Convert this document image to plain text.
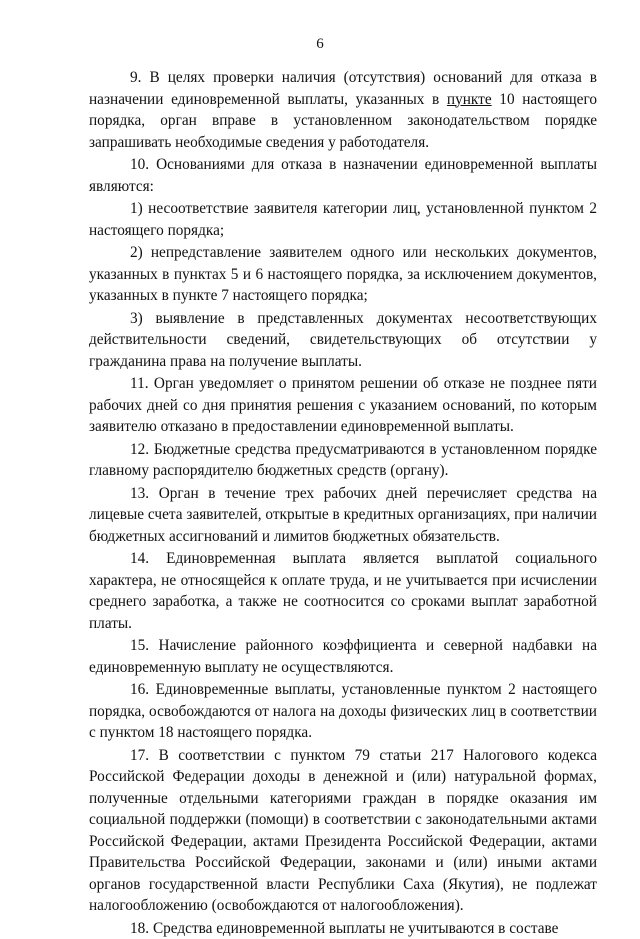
6

9. В целях проверки наличия (отсутствия) оснований для отказа в назначении единовременной выплаты, указанных в пункте 10 настоящего порядка, орган вправе в установленном законодательством порядке запрашивать необходимые сведения у работодателя.

10. Основаниями для отказа в назначении единовременной выплаты являются:

1) несоответствие заявителя категории лиц, установленной пунктом 2 настоящего порядка;

2) непредставление заявителем одного или нескольких документов, указанных в пунктах 5 и 6 настоящего порядка, за исключением документов, указанных в пункте 7 настоящего порядка;

3) выявление в представленных документах несоответствующих действительности сведений, свидетельствующих об отсутствии у гражданина права на получение выплаты.

11. Орган уведомляет о принятом решении об отказе не позднее пяти рабочих дней со дня принятия решения с указанием оснований, по которым заявителю отказано в предоставлении единовременной выплаты.

12. Бюджетные средства предусматриваются в установленном порядке главному распорядителю бюджетных средств (органу).

13. Орган в течение трех рабочих дней перечисляет средства на лицевые счета заявителей, открытые в кредитных организациях, при наличии бюджетных ассигнований и лимитов бюджетных обязательств.

14. Единовременная выплата является выплатой социального характера, не относящейся к оплате труда, и не учитывается при исчислении среднего заработка, а также не соотносится со сроками выплат заработной платы.

15. Начисление районного коэффициента и северной надбавки на единовременную выплату не осуществляются.

16. Единовременные выплаты, установленные пунктом 2 настоящего порядка, освобождаются от налога на доходы физических лиц в соответствии с пунктом 18 настоящего порядка.

17. В соответствии с пунктом 79 статьи 217 Налогового кодекса Российской Федерации доходы в денежной и (или) натуральной формах, полученные отдельными категориями граждан в порядке оказания им социальной поддержки (помощи) в соответствии с законодательными актами Российской Федерации, актами Президента Российской Федерации, актами Правительства Российской Федерации, законами и (или) иными актами органов государственной власти Республики Саха (Якутия), не подлежат налогообложению (освобождаются от налогообложения).

18. Средства единовременной выплаты не учитываются в составе
